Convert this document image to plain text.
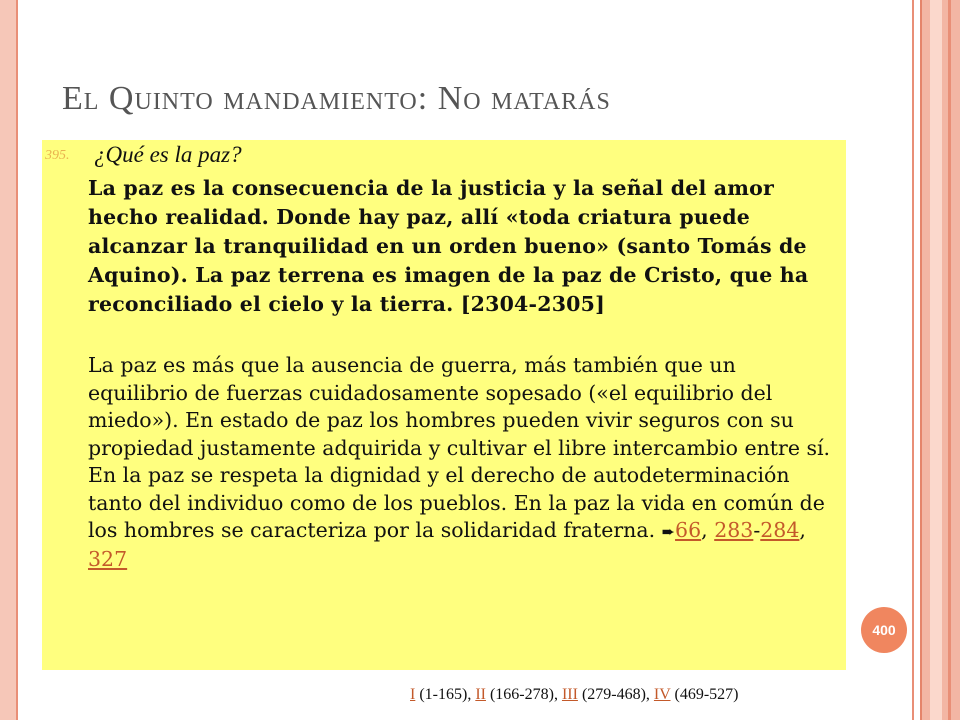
El Quinto mandamiento: No matarás
395. ¿Qué es la paz?
La paz es la consecuencia de la justicia y la señal del amor hecho realidad. Donde hay paz, allí «toda criatura puede alcanzar la tranquilidad en un orden bueno» (santo Tomás de Aquino). La paz terrena es imagen de la paz de Cristo, que ha reconciliado el cielo y la tierra. [2304-2305]
La paz es más que la ausencia de guerra, más también que un equilibrio de fuerzas cuidadosamente sopesado («el equilibrio del miedo»). En estado de paz los hombres pueden vivir seguros con su propiedad justamente adquirida y cultivar el libre intercambio entre sí. En la paz se respeta la dignidad y el derecho de autodeterminación tanto del individuo como de los pueblos. En la paz la vida en común de los hombres se caracteriza por la solidaridad fraterna. ➨66, 283-284, 327
400
I (1-165), II (166-278), III (279-468), IV (469-527)
